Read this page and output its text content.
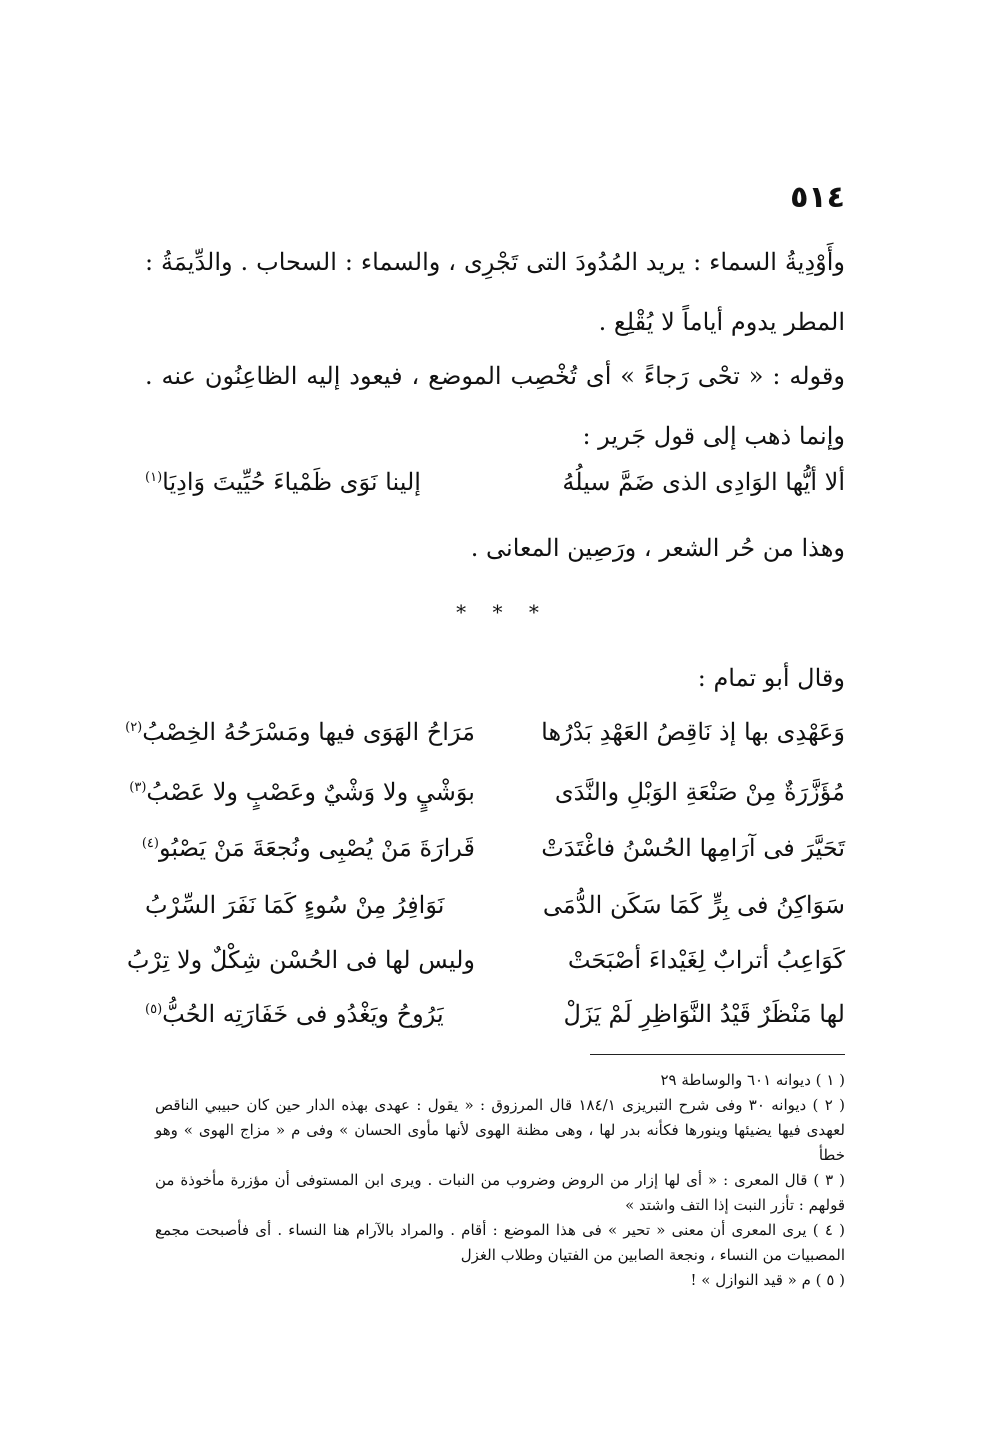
٥١٤

وأَوْدِيةُ السماء : يريد المُدُودَ التى تَجْرِى ، والسماء : السحاب . والدِّيمَةُ : المطر يدوم أياماً لا يُقْلِع .

وقوله : « تحْى رَجاءً » أى تُخْصِب الموضع ، فيعود إليه الظاعِنُون عنه . وإنما ذهب إلى قول جَرير :

ألا أيُّها الوَادِى الذى ضَمَّ سيلُهُ
إلينا نَوَى ظَمْياءَ حُيِّيتَ وَادِيَا$^{(١)}$

وهذا من حُر الشعر ، ورَصِين المعانى .

* * *

وقال أبو تمام :

وَعَهْدِى بها إذ نَاقِصُ العَهْدِ بَدْرُها
مَرَاحُ الهَوَى فيها ومَسْرَحُهُ الخِصْبُ$^{(٢)}$
مُؤَزَّرَةٌ مِنْ صَنْعَةِ الوَبْلِ والنَّدَى
بوَشْيٍ ولا وَشْيٌ وعَصْبٍ ولا عَصْبُ$^{(٣)}$
تَحَيَّرَ فى آرَامِها الحُسْنُ فاغْتَدَتْ
قَرارَةَ مَنْ يُصْبِى ونُجعَةَ مَنْ يَصْبُو$^{(٤)}$
سَوَاكِنُ فى بِرٍّ كَمَا سَكَن الدُّمَى
نَوَافِرُ مِنْ سُوءٍ كَمَا نَفَرَ السِّرْبُ
كَوَاعِبُ أترابٌ لِغَيْداءَ أصْبَحَتْ
وليس لها فى الحُسْن شِكْلٌ ولا تِرْبُ
لها مَنْظَرٌ قَيْدُ النَّوَاظِرِ لَمْ يَزَلْ
يَرُوحُ ويَغْدُو فى خَفَارَتِه الحُبُّ$^{(٥)}$

( ١ ) ديوانه ٦٠١ والوساطة ٢٩

( ٢ ) ديوانه ٣٠ وفى شرح التبريزى ١٨٤/١ قال المرزوق : « يقول : عهدى بهذه الدار حين كان حبيبي الناقص لعهدى فيها يضيئها وينورها فكأنه بدر لها ، وهى مظنة الهوى لأنها مأوى الحسان » وفى م « مزاج الهوى » وهو خطأ

( ٣ ) قال المعرى : « أى لها إزار من الروض وضروب من النبات . ويرى ابن المستوفى أن مؤزرة مأخوذة من قولهم : تأزر النبت إذا التف واشتد »

( ٤ ) يرى المعرى أن معنى « تحير » فى هذا الموضع : أقام . والمراد بالآرام هنا النساء . أى فأصبحت مجمع المصبيات من النساء ، ونجعة الصابين من الفتيان وطلاب الغزل

( ٥ ) م « قيد النوازل » !
